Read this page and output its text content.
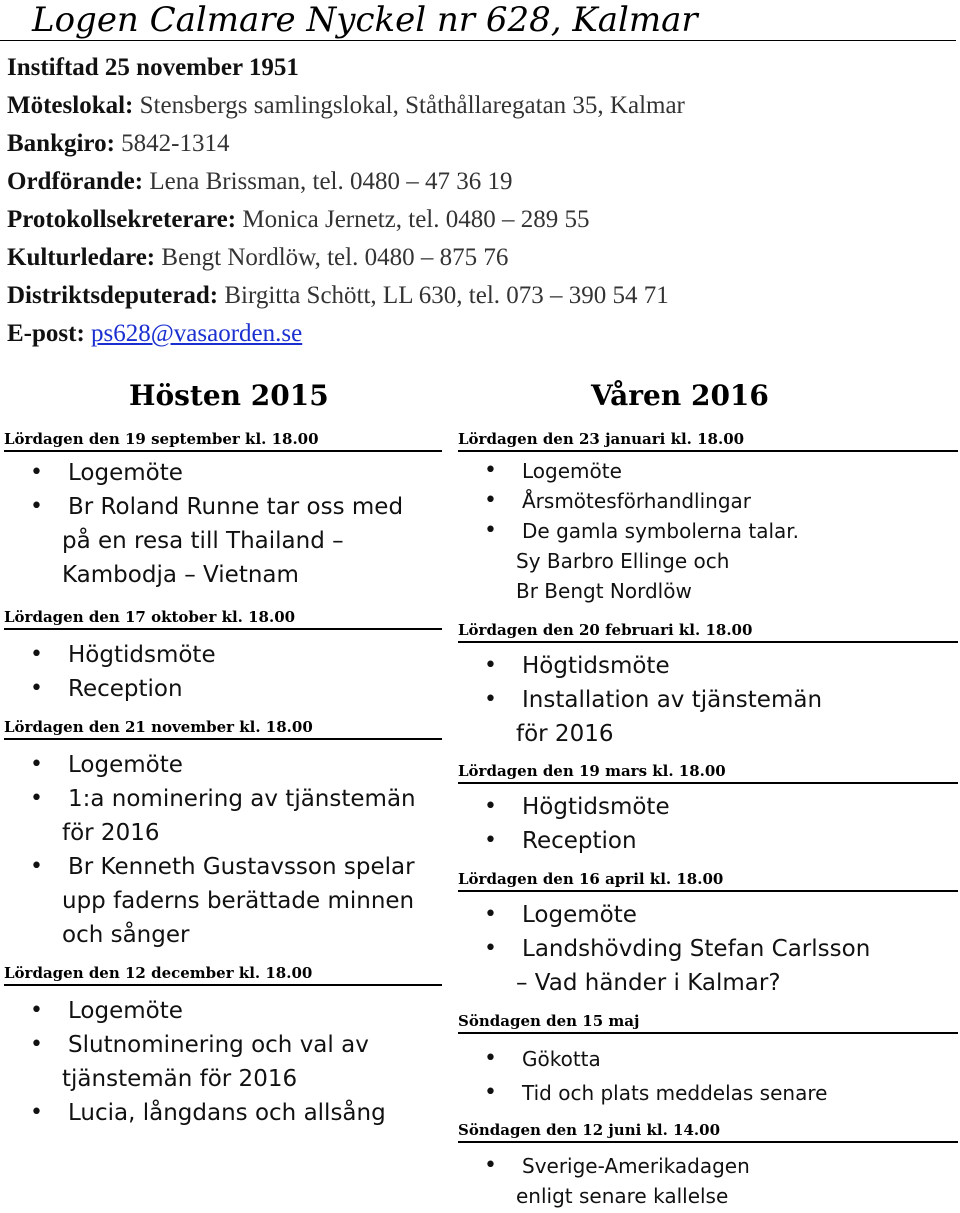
Logen Calmare Nyckel nr 628, Kalmar
Instiftad 25 november 1951
Möteslokal: Stensbergs samlingslokal, Ståthållaregatan 35, Kalmar
Bankgiro: 5842-1314
Ordförande: Lena Brissman, tel. 0480 – 47 36 19
Protokollsekreterare: Monica Jernetz, tel. 0480 – 289 55
Kulturledare: Bengt Nordlöw, tel. 0480 – 875 76
Distriktsdeputerad: Birgitta Schött, LL 630, tel. 073 – 390 54 71
E-post: ps628@vasaorden.se
Hösten 2015	Våren 2016
Lördagen den 19 september kl. 18.00
• Logemöte
• Br Roland Runne tar oss med
på en resa till Thailand –
Kambodja – Vietnam
Lördagen den 17 oktober kl. 18.00
• Högtidsmöte
• Reception
Lördagen den 21 november kl. 18.00
• Logemöte
• 1:a nominering av tjänstemän
för 2016
• Br Kenneth Gustavsson spelar
upp faderns berättade minnen
och sånger
Lördagen den 12 december kl. 18.00
• Logemöte
• Slutnominering och val av
tjänstemän för 2016
• Lucia, långdans och allsång
Lördagen den 23 januari kl. 18.00
• Logemöte
• Årsmötesförhandlingar
• De gamla symbolerna talar.
Sy Barbro Ellinge och
Br Bengt Nordlöw
Lördagen den 20 februari kl. 18.00
• Högtidsmöte
• Installation av tjänstemän
för 2016
Lördagen den 19 mars kl. 18.00
• Högtidsmöte
• Reception
Lördagen den 16 april kl. 18.00
• Logemöte
• Landshövding Stefan Carlsson
– Vad händer i Kalmar?
Söndagen den 15 maj
• Gökotta
• Tid och plats meddelas senare
Söndagen den 12 juni kl. 14.00
• Sverige-Amerikadagen
enligt senare kallelse
